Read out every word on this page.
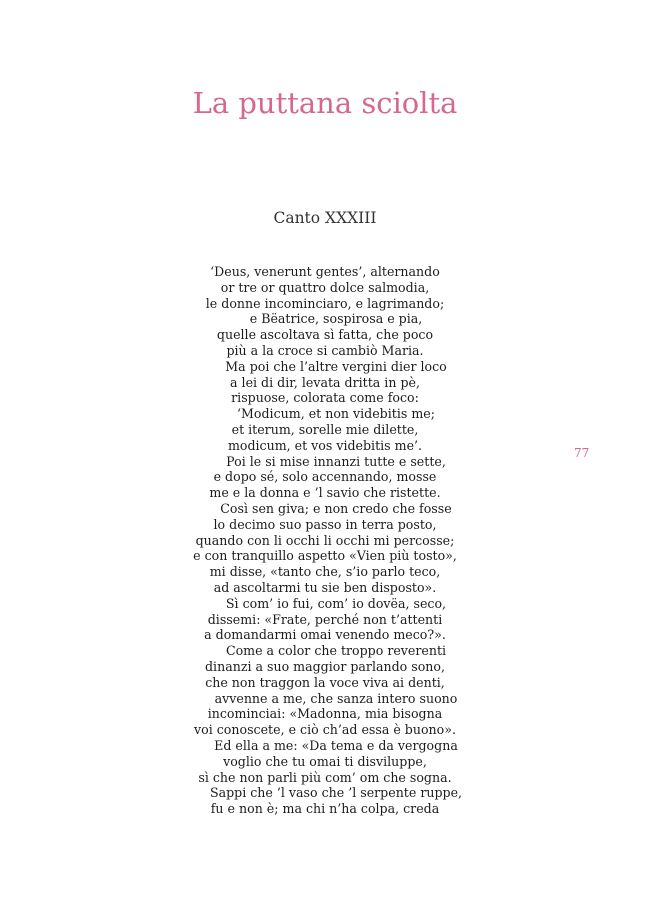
La puttana sciolta
Canto XXXIII
77
‘Deus, venerunt gentes’, alternando
or tre or quattro dolce salmodia,
le donne incominciaro, e lagrimando;
e Bëatrice, sospirosa e pia,
quelle ascoltava sì fatta, che poco
più a la croce si cambiò Maria.
Ma poi che l’altre vergini dier loco
a lei di dir, levata dritta in pè,
rispuose, colorata come foco:
‘Modicum, et non videbitis me;
et iterum, sorelle mie dilette,
modicum, et vos videbitis me’.
Poi le si mise innanzi tutte e sette,
e dopo sé, solo accennando, mosse
me e la donna e ’l savio che ristette.
Così sen giva; e non credo che fosse
lo decimo suo passo in terra posto,
quando con li occhi li occhi mi percosse;
e con tranquillo aspetto «Vien più tosto»,
mi disse, «tanto che, s’io parlo teco,
ad ascoltarmi tu sie ben disposto».
Sì com’ io fui, com’ io dovëa, seco,
dissemi: «Frate, perché non t’attenti
a domandarmi omai venendo meco?».
Come a color che troppo reverenti
dinanzi a suo maggior parlando sono,
che non traggon la voce viva ai denti,
avvenne a me, che sanza intero suono
incominciai: «Madonna, mia bisogna
voi conoscete, e ciò ch’ad essa è buono».
Ed ella a me: «Da tema e da vergogna
voglio che tu omai ti disviluppe,
sì che non parli più com’ om che sogna.
Sappi che ’l vaso che ’l serpente ruppe,
fu e non è; ma chi n’ha colpa, creda
